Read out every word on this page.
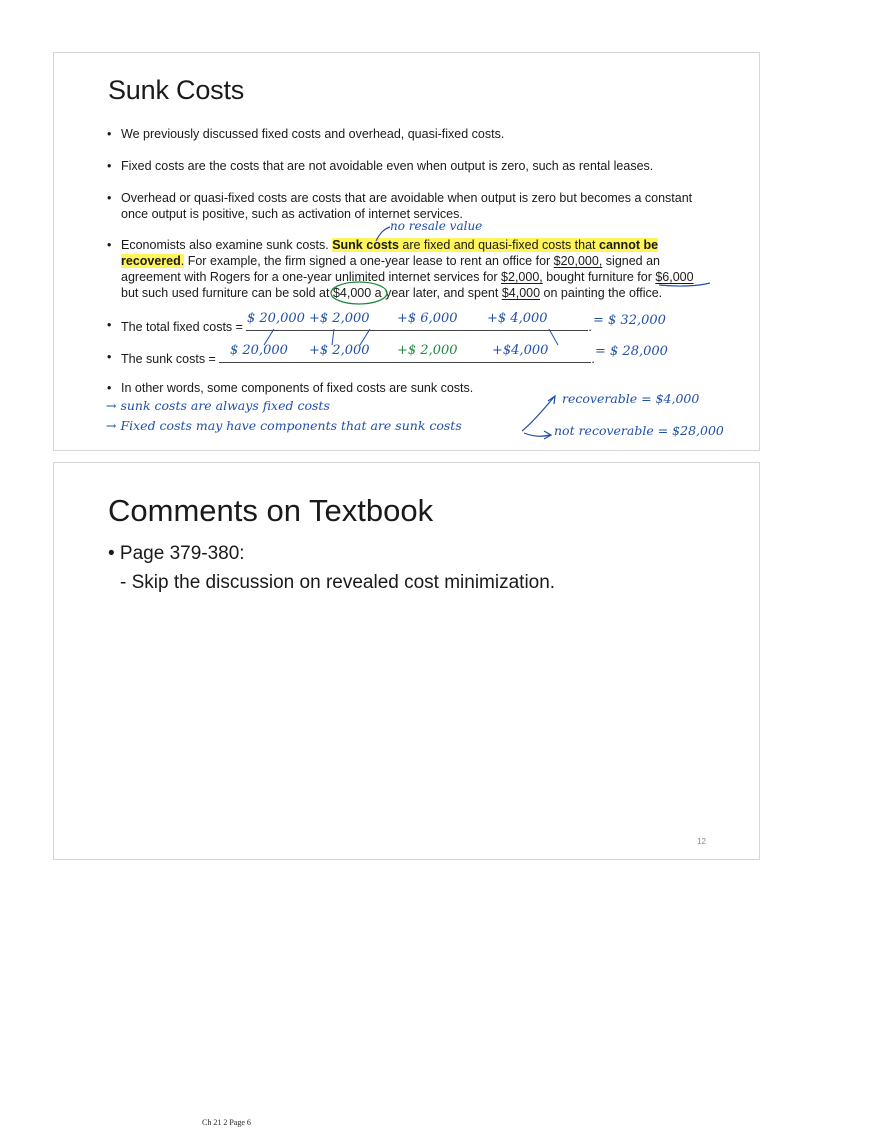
Sunk Costs
• We previously discussed fixed costs and overhead, quasi-fixed costs.
• Fixed costs are the costs that are not avoidable even when output is zero, such as rental leases.
• Overhead or quasi-fixed costs are costs that are avoidable when output is zero but becomes a constant once output is positive, such as activation of internet services.
• Economists also examine sunk costs. Sunk costs are fixed and quasi-fixed costs that cannot be recovered. For example, the firm signed a one-year lease to rent an office for $20,000, signed an agreement with Rogers for a one-year unlimited internet services for $2,000, bought furniture for $6,000 but such used furniture can be sold at $4,000 a year later, and spent $4,000 on painting the office.
• The total fixed costs =	.
• The sunk costs =	.
• In other words, some components of fixed costs are sunk costs.
no resale value
$ 20,000 +$ 2,000 +$ 6,000 +$ 4,000	= $ 32,000
$ 20,000 +$ 2,000 +$ 2,000	+$4,000	= $ 28,000
→ sunk costs are always fixed costs
→ Fixed costs may have components that are sunk costs
recoverable = $4,000
not recoverable = $28,000
Comments on Textbook
• Page 379-380:
- Skip the discussion on revealed cost minimization.
12
Ch 21 2 Page 6
